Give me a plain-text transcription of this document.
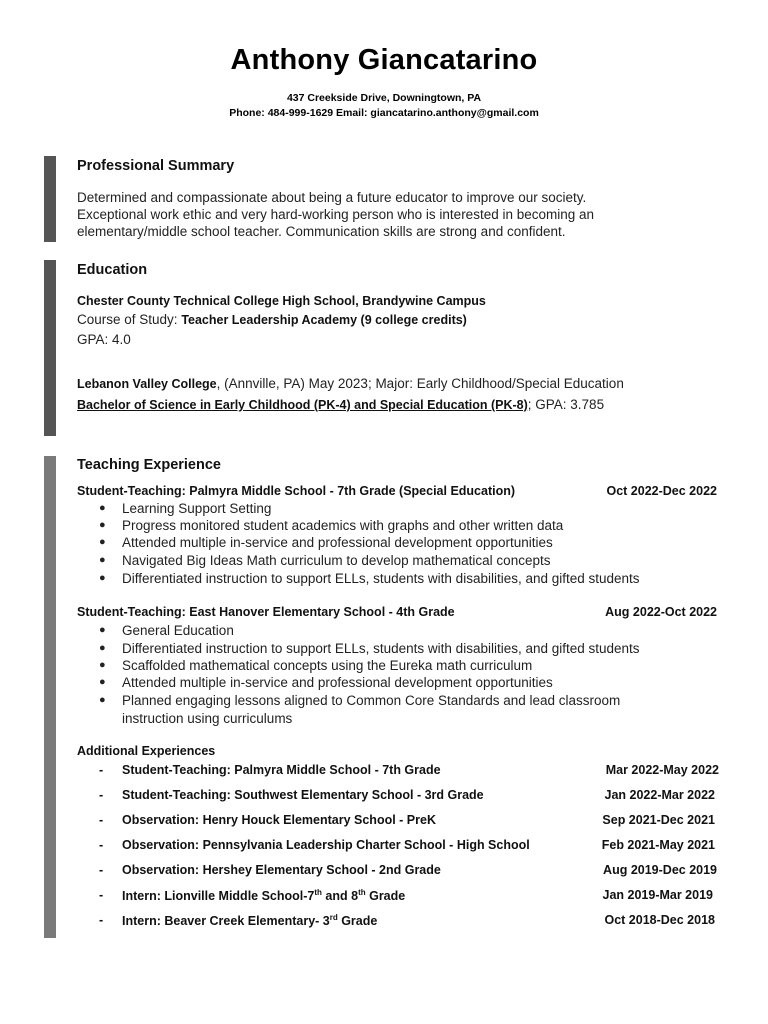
Anthony Giancatarino
437 Creekside Drive, Downingtown, PA
Phone: 484-999-1629 Email: giancatarino.anthony@gmail.com
Professional Summary
Determined and compassionate about being a future educator to improve our society.
Exceptional work ethic and very hard-working person who is interested in becoming an
elementary/middle school teacher. Communication skills are strong and confident.
Education
Chester County Technical College High School, Brandywine Campus
Course of Study: Teacher Leadership Academy (9 college credits)
GPA: 4.0
Lebanon Valley College, (Annville, PA) May 2023; Major: Early Childhood/Special Education
Bachelor of Science in Early Childhood (PK-4) and Special Education (PK-8); GPA: 3.785
Teaching Experience
Student-Teaching: Palmyra Middle School - 7th Grade (Special Education)	Oct 2022-Dec 2022
● Learning Support Setting
● Progress monitored student academics with graphs and other written data
● Attended multiple in-service and professional development opportunities
● Navigated Big Ideas Math curriculum to develop mathematical concepts
● Differentiated instruction to support ELLs, students with disabilities, and gifted students
Student-Teaching: East Hanover Elementary School - 4th Grade	Aug 2022-Oct 2022
● General Education
● Differentiated instruction to support ELLs, students with disabilities, and gifted students
● Scaffolded mathematical concepts using the Eureka math curriculum
● Attended multiple in-service and professional development opportunities
● Planned engaging lessons aligned to Common Core Standards and lead classroom
instruction using curriculums
Additional Experiences
- Student-Teaching: Palmyra Middle School - 7th Grade	Mar 2022-May 2022
- Student-Teaching: Southwest Elementary School - 3rd Grade	Jan 2022-Mar 2022
- Observation: Henry Houck Elementary School - PreK	Sep 2021-Dec 2021
- Observation: Pennsylvania Leadership Charter School - High School	Feb 2021-May 2021
- Observation: Hershey Elementary School - 2nd Grade	Aug 2019-Dec 2019
- Intern: Lionville Middle School-7th and 8th Grade	Jan 2019-Mar 2019
- Intern: Beaver Creek Elementary- 3rd Grade	Oct 2018-Dec 2018
